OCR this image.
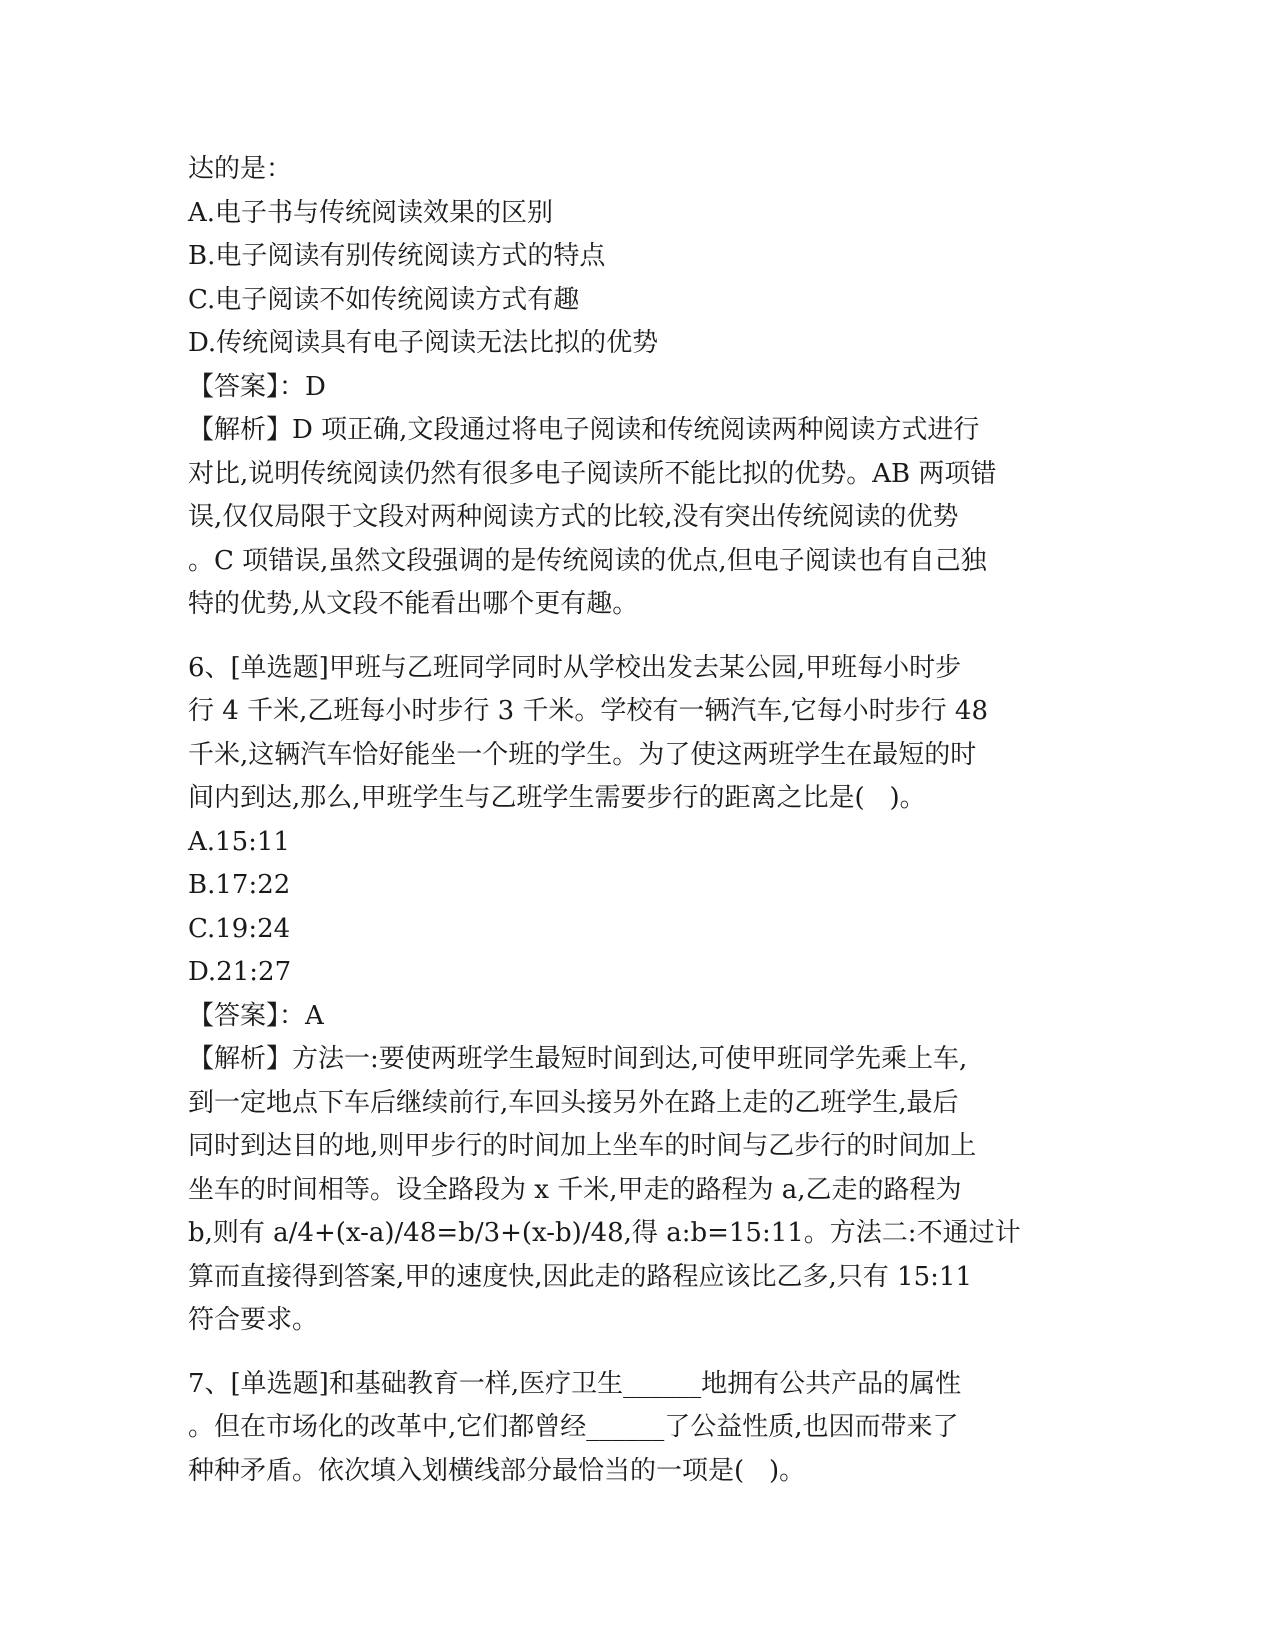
达的是：

A.电子书与传统阅读效果的区别

B.电子阅读有别传统阅读方式的特点

C.电子阅读不如传统阅读方式有趣

D.传统阅读具有电子阅读无法比拟的优势

【答案】：D

【解析】D 项正确,文段通过将电子阅读和传统阅读两种阅读方式进行

对比,说明传统阅读仍然有很多电子阅读所不能比拟的优势。AB 两项错

误,仅仅局限于文段对两种阅读方式的比较,没有突出传统阅读的优势

。C 项错误,虽然文段强调的是传统阅读的优点,但电子阅读也有自己独

特的优势,从文段不能看出哪个更有趣。

6、[单选题]甲班与乙班同学同时从学校出发去某公园,甲班每小时步

行 4 千米,乙班每小时步行 3 千米。学校有一辆汽车,它每小时步行 48

千米,这辆汽车恰好能坐一个班的学生。为了使这两班学生在最短的时

间内到达,那么,甲班学生与乙班学生需要步行的距离之比是(   )。

A.15:11

B.17:22

C.19:24

D.21:27

【答案】：A

【解析】方法一:要使两班学生最短时间到达,可使甲班同学先乘上车,

到一定地点下车后继续前行,车回头接另外在路上走的乙班学生,最后

同时到达目的地,则甲步行的时间加上坐车的时间与乙步行的时间加上

坐车的时间相等。设全路段为 x 千米,甲走的路程为 a,乙走的路程为

b,则有 a/4+(x-a)/48=b/3+(x-b)/48,得 a:b=15:11。方法二:不通过计

算而直接得到答案,甲的速度快,因此走的路程应该比乙多,只有 15:11

符合要求。

7、[单选题]和基础教育一样,医疗卫生______地拥有公共产品的属性

。但在市场化的改革中,它们都曾经______了公益性质,也因而带来了

种种矛盾。依次填入划横线部分最恰当的一项是(   )。
